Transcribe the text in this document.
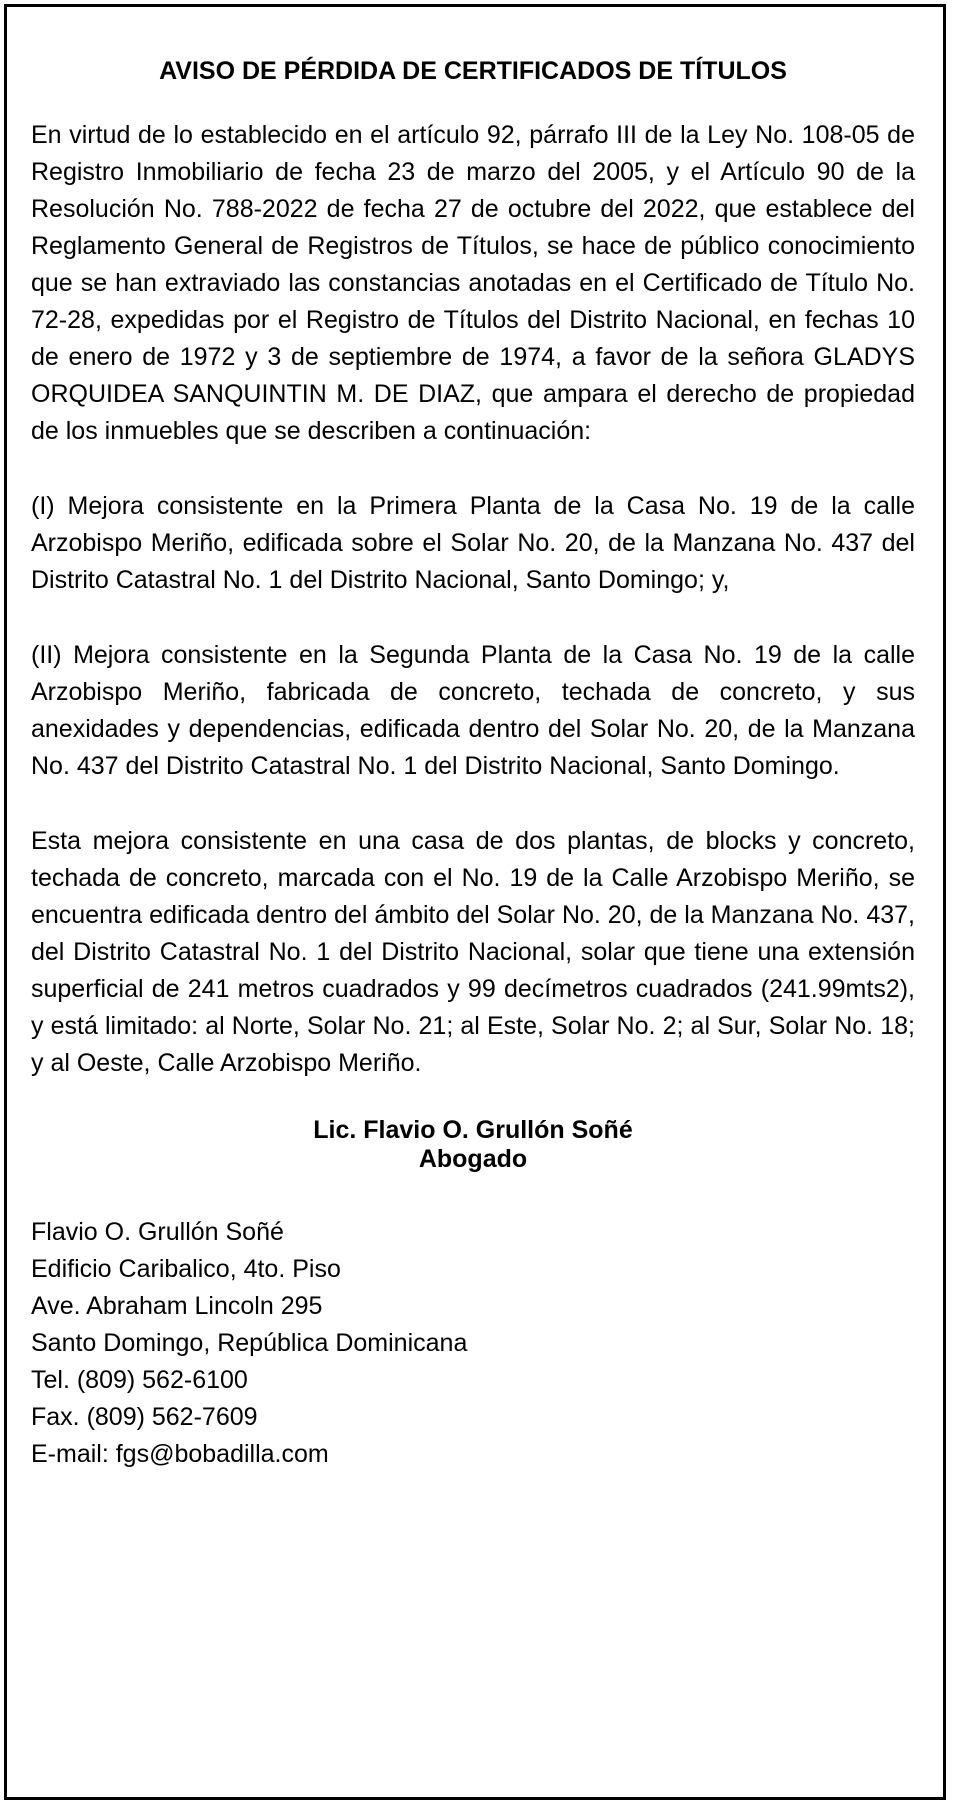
AVISO DE PÉRDIDA DE CERTIFICADOS DE TÍTULOS

En virtud de lo establecido en el artículo 92, párrafo III de la Ley No. 108-05 de Registro Inmobiliario de fecha 23 de marzo del 2005, y el Artículo 90 de la Resolución No. 788-2022 de fecha 27 de octubre del 2022, que establece del Reglamento General de Registros de Títulos, se hace de público conocimiento que se han extraviado las constancias anotadas en el Certificado de Título No. 72-28, expedidas por el Registro de Títulos del Distrito Nacional, en fechas 10 de enero de 1972 y 3 de septiembre de 1974, a favor de la señora GLADYS ORQUIDEA SANQUINTIN M. DE DIAZ, que ampara el derecho de propiedad de los inmuebles que se describen a continuación:

(I) Mejora consistente en la Primera Planta de la Casa No. 19 de la calle Arzobispo Meriño, edificada sobre el Solar No. 20, de la Manzana No. 437 del Distrito Catastral No. 1 del Distrito Nacional, Santo Domingo; y,

(II) Mejora consistente en la Segunda Planta de la Casa No. 19 de la calle Arzobispo Meriño, fabricada de concreto, techada de concreto, y sus anexidades y dependencias, edificada dentro del Solar No. 20, de la Manzana No. 437 del Distrito Catastral No. 1 del Distrito Nacional, Santo Domingo.

Esta mejora consistente en una casa de dos plantas, de blocks y concreto, techada de concreto, marcada con el No. 19 de la Calle Arzobispo Meriño, se encuentra edificada dentro del ámbito del Solar No. 20, de la Manzana No. 437, del Distrito Catastral No. 1 del Distrito Nacional, solar que tiene una extensión superficial de 241 metros cuadrados y 99 decímetros cuadrados (241.99mts2), y está limitado: al Norte, Solar No. 21; al Este, Solar No. 2; al Sur, Solar No. 18; y al Oeste, Calle Arzobispo Meriño.

Lic. Flavio O. Grullón Soñé
Abogado
Flavio O. Grullón Soñé
Edificio Caribalico, 4to. Piso
Ave. Abraham Lincoln 295
Santo Domingo, República Dominicana
Tel. (809) 562-6100
Fax. (809) 562-7609
E-mail: fgs@bobadilla.com
